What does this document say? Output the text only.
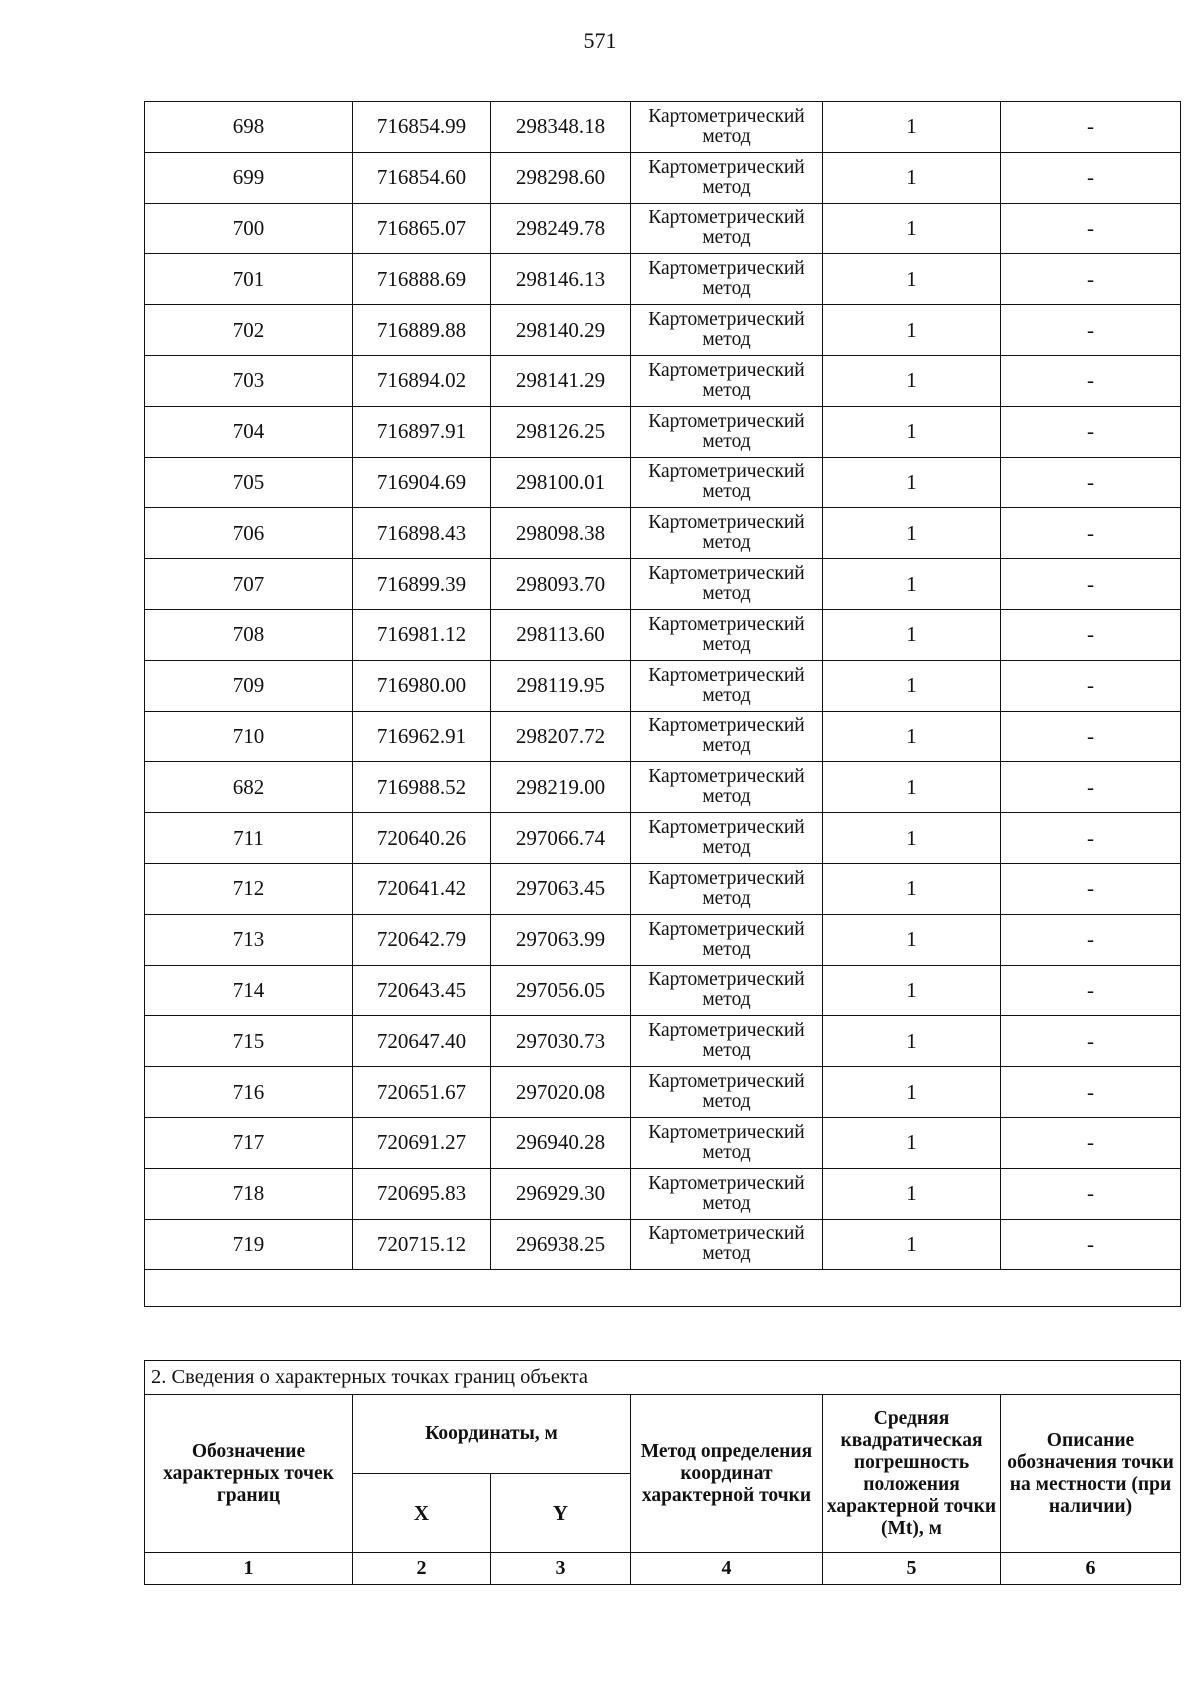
571
698	716854.99	298348.18	Картометрический метод	1	-
699	716854.60	298298.60	Картометрический метод	1	-
700	716865.07	298249.78	Картометрический метод	1	-
701	716888.69	298146.13	Картометрический метод	1	-
702	716889.88	298140.29	Картометрический метод	1	-
703	716894.02	298141.29	Картометрический метод	1	-
704	716897.91	298126.25	Картометрический метод	1	-
705	716904.69	298100.01	Картометрический метод	1	-
706	716898.43	298098.38	Картометрический метод	1	-
707	716899.39	298093.70	Картометрический метод	1	-
708	716981.12	298113.60	Картометрический метод	1	-
709	716980.00	298119.95	Картометрический метод	1	-
710	716962.91	298207.72	Картометрический метод	1	-
682	716988.52	298219.00	Картометрический метод	1	-
711	720640.26	297066.74	Картометрический метод	1	-
712	720641.42	297063.45	Картометрический метод	1	-
713	720642.79	297063.99	Картометрический метод	1	-
714	720643.45	297056.05	Картометрический метод	1	-
715	720647.40	297030.73	Картометрический метод	1	-
716	720651.67	297020.08	Картометрический метод	1	-
717	720691.27	296940.28	Картометрический метод	1	-
718	720695.83	296929.30	Картометрический метод	1	-
719	720715.12	296938.25	Картометрический метод	1	-

2. Сведения о характерных точках границ объекта					
Обозначение характерных точек границ	Координаты, м		Метод определения координат характерной точки	Средняя квадратическая погрешность положения характерной точки (Mt), м	Описание обозначения точки на местности (при наличии)
	X	Y			
1	2	3	4	5	6
